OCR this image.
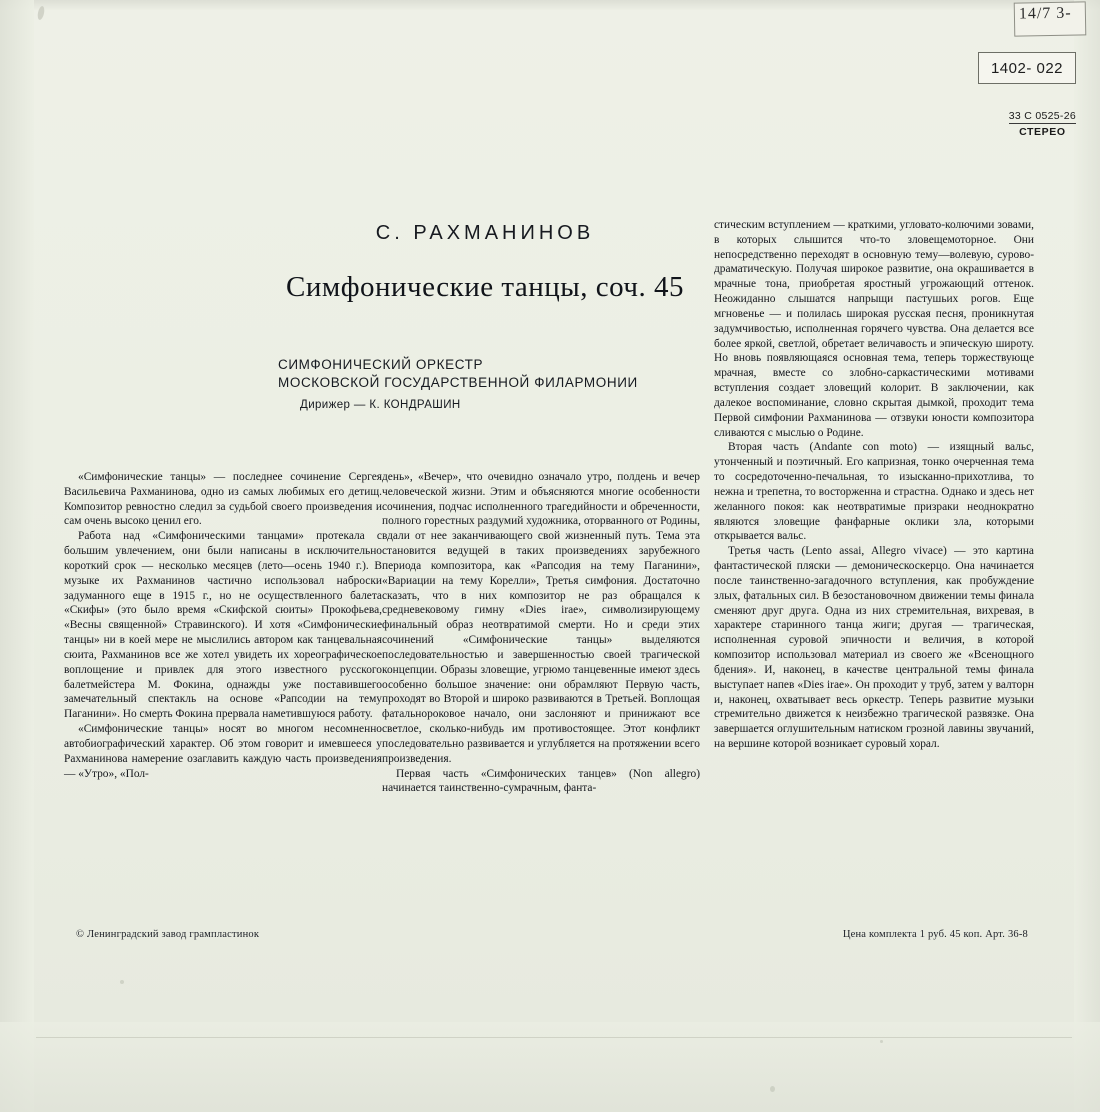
14/7 3-
1402- 022
33 С 0525-26
СТЕРЕО
С. РАХМАНИНОВ
Симфонические танцы, соч. 45
СИМФОНИЧЕСКИЙ ОРКЕСТР
МОСКОВСКОЙ ГОСУДАРСТВЕННОЙ ФИЛАРМОНИИ
Дирижер — К. КОНДРАШИН

«Симфонические танцы» — последнее сочинение Сергея Васильевича Рахманинова, одно из самых любимых его детищ. Композитор ревностно следил за судьбой своего произведения и сам очень высоко ценил его.

Работа над «Симфоническими танцами» протекала с большим увлечением, они были написаны в исключительно короткий срок — несколько месяцев (лето—осень 1940 г.). В музыке их Рахманинов частично использовал наброски задуманного еще в 1915 г., но не осуществленного балета «Скифы» (это было время «Скифской сюиты» Прокофьева, «Весны священной» Стравинского). И хотя «Симфонические танцы» ни в коей мере не мыслились автором как танцевальная сюита, Рахманинов все же хотел увидеть их хореографическое воплощение и привлек для этого известного русского балетмейстера М. Фокина, однажды уже поставившего замечательный спектакль на основе «Рапсодии на тему Паганини». Но смерть Фокина прервала наметившуюся работу.

«Симфонические танцы» носят во многом несомненно автобиографический характер. Об этом говорит и имевшееся у Рахманинова намерение озаглавить каждую часть произведения — «Утро», «Пол-

день», «Вечер», что очевидно означало утро, полдень и вечер человеческой жизни. Этим и объясняются многие особенности сочинения, подчас исполненного трагедийности и обреченности, полного горестных раздумий художника, оторванного от Родины, вдали от нее заканчивающего свой жизненный путь. Тема эта становится ведущей в таких произведениях зарубежного периода композитора, как «Рапсодия на тему Паганини», «Вариации на тему Корелли», Третья симфония. Достаточно сказать, что в них композитор не раз обращался к средневековому гимну «Dies irae», символизирующему финальный образ неотвратимой смерти. Но и среди этих сочинений «Симфонические танцы» выделяются последовательностью и завершенностью своей трагической концепции. Образы зловещие, угрюмо танцевенные имеют здесь особенно большое значение: они обрамляют Первую часть, проходят во Второй и широко развиваются в Третьей. Воплощая фатальнороковое начало, они заслоняют и принижают все светлое, сколько-нибудь им противостоящее. Этот конфликт последовательно развивается и углубляется на протяжении всего произведения.

Первая часть «Симфонических танцев» (Non allegro) начинается таинственно-сумрачным, фанта-

стическим вступлением — краткими, угловато-колючими зовами, в которых слышится что-то зловещемоторное. Они непосредственно переходят в основную тему—волевую, сурово-драматическую. Получая широкое развитие, она окрашивается в мрачные тона, приобретая яростный угрожающий оттенок. Неожиданно слышатся напрыщи пастушьих рогов. Еще мгновенье — и полилась широкая русская песня, проникнутая задумчивостью, исполненная горячего чувства. Она делается все более яркой, светлой, обретает величавость и эпическую широту. Но вновь появляющаяся основная тема, теперь торжествующе мрачная, вместе со злобно-саркастическими мотивами вступления создает зловещий колорит. В заключении, как далекое воспоминание, словно скрытая дымкой, проходит тема Первой симфонии Рахманинова — отзвуки юности композитора сливаются с мыслью о Родине.

Вторая часть (Andante con moto) — изящный вальс, утонченный и поэтичный. Его капризная, тонко очерченная тема то сосредоточенно-печальная, то изысканно-прихотлива, то нежна и трепетна, то восторженна и страстна. Однако и здесь нет желанного покоя: как неотвратимые призраки неоднократно являются зловещие фанфарные оклики зла, которыми открывается вальс.

Третья часть (Lento assai, Allegro vivace) — это картина фантастической пляски — демоническоскерцо. Она начинается после таинственно-загадочного вступления, как пробуждение злых, фатальных сил. В безостановочном движении темы финала сменяют друг друга. Одна из них стремительная, вихревая, в характере старинного танца жиги; другая — трагическая, исполненная суровой эпичности и величия, в которой композитор использовал материал из своего же «Всенощного бдения». И, наконец, в качестве центральной темы финала выступает напев «Dies irae». Он проходит у труб, затем у валторн и, наконец, охватывает весь оркестр. Теперь развитие музыки стремительно движется к неизбежно трагической развязке. Она завершается оглушительным натиском грозной лавины звучаний, на вершине которой возникает суровый хорал.

© Ленинградский завод грампластинок	Цена комплекта 1 руб. 45 коп. Арт. 36-8
